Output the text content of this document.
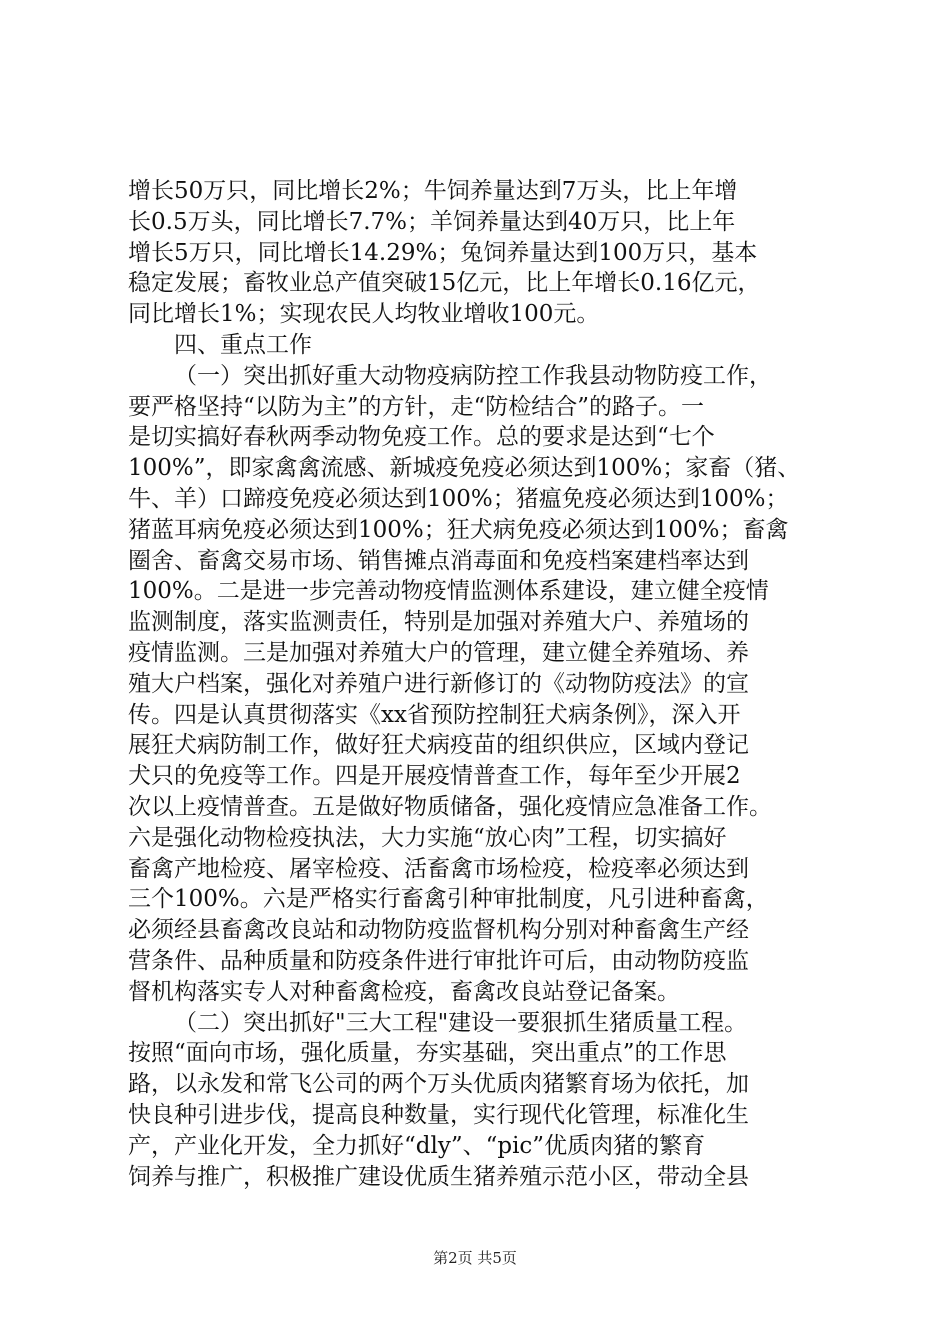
增长50万只，同比增长2%；牛饲养量达到7万头，比上年增
长0.5万头，同比增长7.7%；羊饲养量达到40万只，比上年
增长5万只，同比增长14.29%；兔饲养量达到100万只，基本
稳定发展；畜牧业总产值突破15亿元，比上年增长0.16亿元，
同比增长1%；实现农民人均牧业增收100元。
四、重点工作
（一）突出抓好重大动物疫病防控工作我县动物防疫工作，
要严格坚持“以防为主”的方针，走“防检结合”的路子。一
是切实搞好春秋两季动物免疫工作。总的要求是达到“七个
100%”，即家禽禽流感、新城疫免疫必须达到100%；家畜（猪、
牛、羊）口蹄疫免疫必须达到100%；猪瘟免疫必须达到100%；
猪蓝耳病免疫必须达到100%；狂犬病免疫必须达到100%；畜禽
圈舍、畜禽交易市场、销售摊点消毒面和免疫档案建档率达到
100%。二是进一步完善动物疫情监测体系建设，建立健全疫情
监测制度，落实监测责任，特别是加强对养殖大户、养殖场的
疫情监测。三是加强对养殖大户的管理，建立健全养殖场、养
殖大户档案，强化对养殖户进行新修订的《动物防疫法》的宣
传。四是认真贯彻落实《xx省预防控制狂犬病条例》，深入开
展狂犬病防制工作，做好狂犬病疫苗的组织供应，区域内登记
犬只的免疫等工作。四是开展疫情普查工作，每年至少开展2
次以上疫情普查。五是做好物质储备，强化疫情应急准备工作。
六是强化动物检疫执法，大力实施“放心肉”工程，切实搞好
畜禽产地检疫、屠宰检疫、活畜禽市场检疫，检疫率必须达到
三个100%。六是严格实行畜禽引种审批制度，凡引进种畜禽，
必须经县畜禽改良站和动物防疫监督机构分别对种畜禽生产经
营条件、品种质量和防疫条件进行审批许可后，由动物防疫监
督机构落实专人对种畜禽检疫，畜禽改良站登记备案。
（二）突出抓好"三大工程"建设一要狠抓生猪质量工程。
按照“面向市场，强化质量，夯实基础，突出重点”的工作思
路，以永发和常飞公司的两个万头优质肉猪繁育场为依托，加
快良种引进步伐，提高良种数量，实行现代化管理，标准化生
产，产业化开发，全力抓好“dly”、“pic”优质肉猪的繁育
饲养与推广，积极推广建设优质生猪养殖示范小区，带动全县
第2页 共5页
